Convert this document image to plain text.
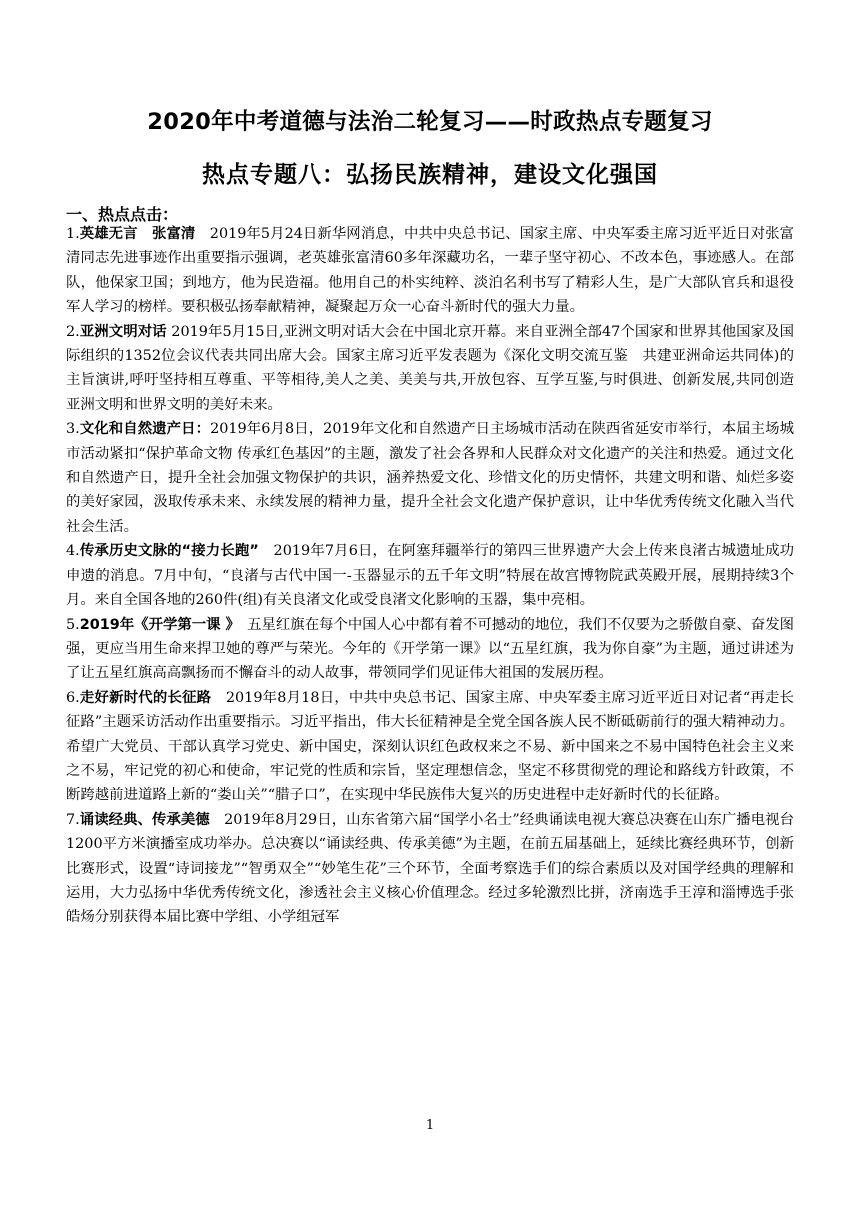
2020年中考道德与法治二轮复习——时政热点专题复习
热点专题八：弘扬民族精神，建设文化强国
一、热点点击：

1.英雄无言　张富清　2019年5月24日新华网消息，中共中央总书记、国家主席、中央军委主席习近平近日对张富清同志先进事迹作出重要指示强调，老英雄张富清60多年深藏功名，一辈子坚守初心、不改本色，事迹感人。在部队，他保家卫国；到地方，他为民造福。他用自己的朴实纯粹、淡泊名利书写了精彩人生，是广大部队官兵和退役军人学习的榜样。要积极弘扬奉献精神，凝聚起万众一心奋斗新时代的强大力量。

2.亚洲文明对话 2019年5月15日,亚洲文明对话大会在中国北京开幕。来自亚洲全部47个国家和世界其他国家及国际组织的1352位会议代表共同出席大会。国家主席习近平发表题为《深化文明交流互鉴　共建亚洲命运共同体)的主旨演讲,呼吁坚持相互尊重、平等相待,美人之美、美美与共,开放包容、互学互鉴,与时俱进、创新发展,共同创造亚洲文明和世界文明的美好未来。

3.文化和自然遗产日：2019年6月8日，2019年文化和自然遗产日主场城市活动在陕西省延安市举行，本届主场城市活动紧扣“保护革命文物 传承红色基因”的主题，激发了社会各界和人民群众对文化遗产的关注和热爱。通过文化和自然遗产日，提升全社会加强文物保护的共识，涵养热爱文化、珍惜文化的历史情怀，共建文明和谐、灿烂多姿的美好家园，汲取传承未来、永续发展的精神力量，提升全社会文化遗产保护意识，让中华优秀传统文化融入当代社会生活。

4.传承历史文脉的“接力长跑”　2019年7月6日，在阿塞拜疆举行的第四三世界遗产大会上传来良渚古城遗址成功申遗的消息。7月中旬，“良渚与古代中国一-玉器显示的五千年文明”特展在故宫博物院武英殿开展，展期持续3个月。来自全国各地的260件(组)有关良渚文化或受良渚文化影响的玉器，集中亮相。

5.2019年《开学第一课 》　五星红旗在每个中国人心中都有着不可撼动的地位，我们不仅要为之骄傲自豪、奋发图强，更应当用生命来捍卫她的尊严与荣光。今年的《开学第一课》以“五星红旗，我为你自豪”为主题，通过讲述为了让五星红旗高高飘扬而不懈奋斗的动人故事，带领同学们见证伟大祖国的发展历程。

6.走好新时代的长征路　2019年8月18日，中共中央总书记、国家主席、中央军委主席习近平近日对记者“再走长征路”主题采访活动作出重要指示。习近平指出，伟大长征精神是全党全国各族人民不断砥砺前行的强大精神动力。希望广大党员、干部认真学习党史、新中国史，深刻认识红色政权来之不易、新中国来之不易中国特色社会主义来之不易，牢记党的初心和使命，牢记党的性质和宗旨，坚定理想信念，坚定不移贯彻党的理论和路线方针政策，不断跨越前进道路上新的“娄山关”“腊子口”，在实现中华民族伟大复兴的历史进程中走好新时代的长征路。

7.诵读经典、传承美德　2019年8月29日，山东省第六届“国学小名士”经典诵读电视大赛总决赛在山东广播电视台1200平方米演播室成功举办。总决赛以“诵读经典、传承美德”为主题，在前五届基础上，延续比赛经典环节，创新比赛形式，设置“诗词接龙”“智勇双全”“妙笔生花”三个环节，全面考察选手们的综合素质以及对国学经典的理解和运用，大力弘扬中华优秀传统文化，渗透社会主义核心价值理念。经过多轮激烈比拼，济南选手王淳和淄博选手张皓炀分别获得本届比赛中学组、小学组冠军

1
